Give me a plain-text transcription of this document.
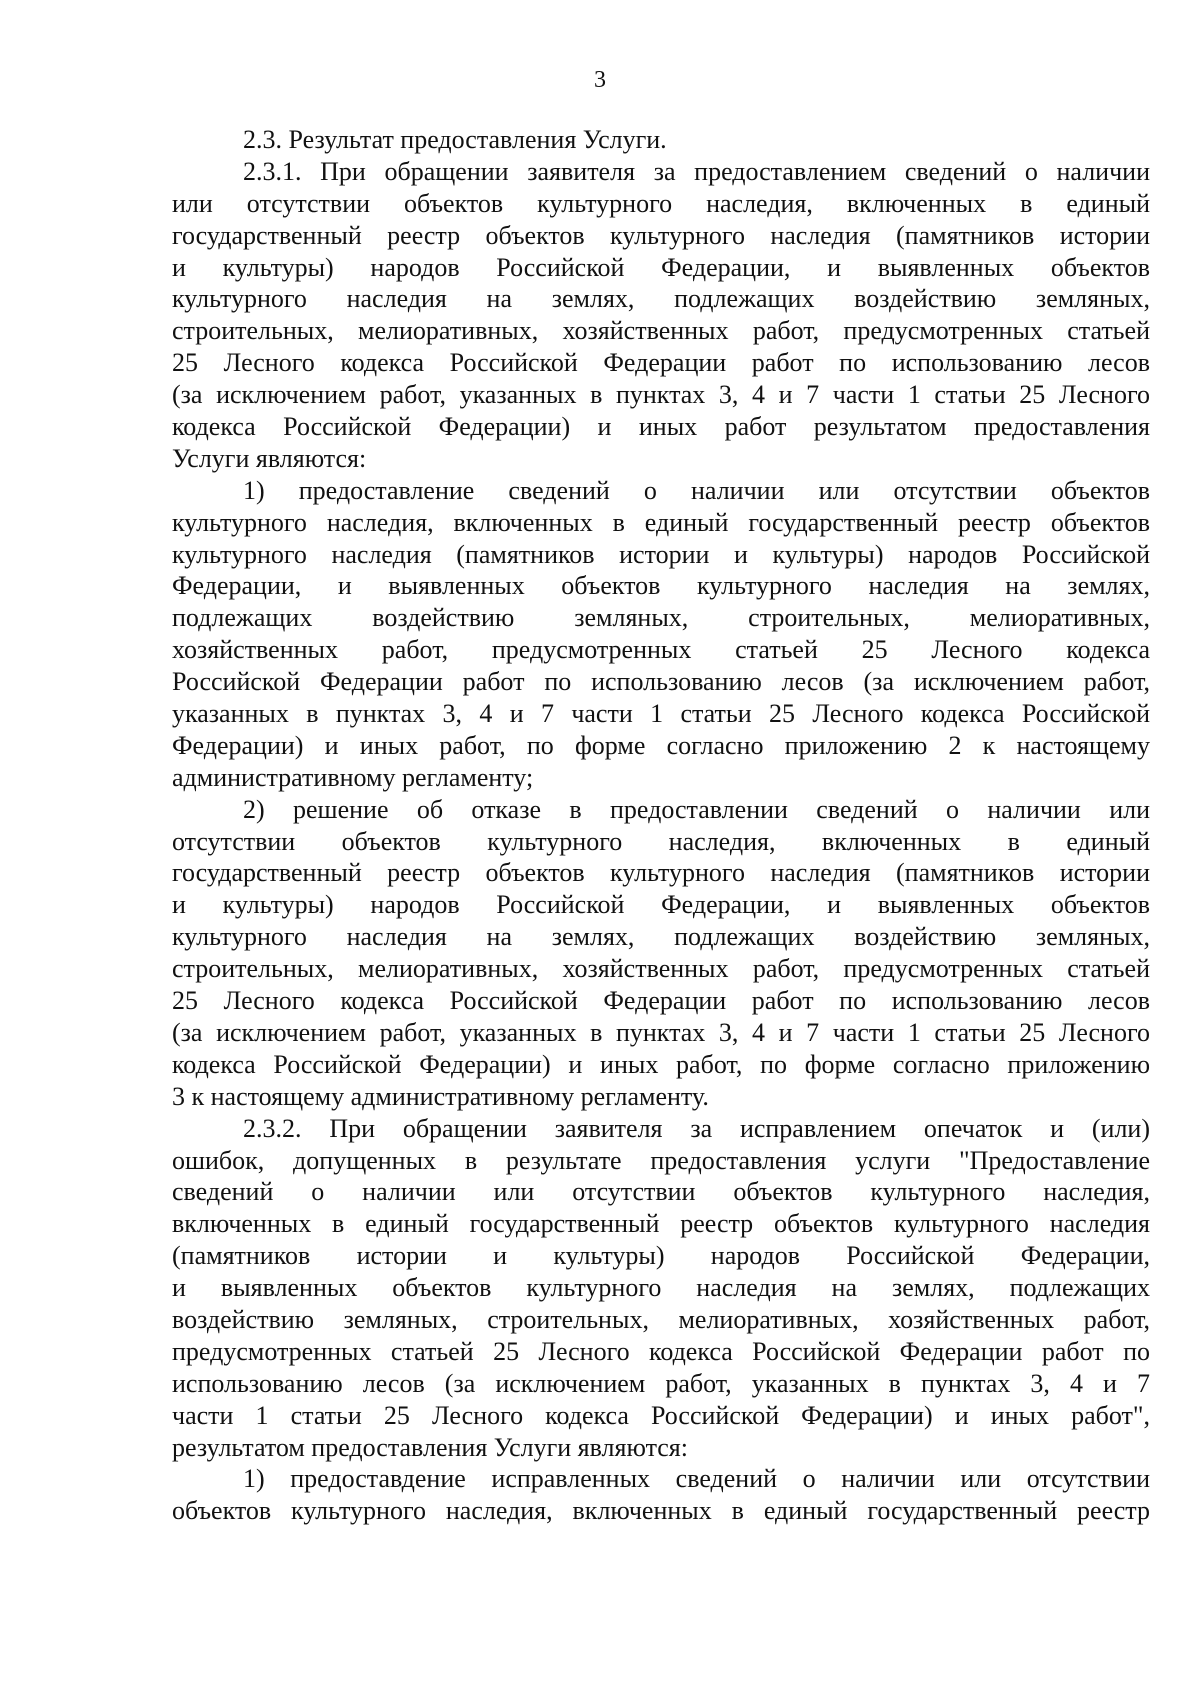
3
2.3. Результат предоставления Услуги.
2.3.1. При обращении заявителя за предоставлением сведений о наличии
или отсутствии объектов культурного наследия, включенных в единый
государственный реестр объектов культурного наследия (памятников истории
и культуры) народов Российской Федерации, и выявленных объектов
культурного наследия на землях, подлежащих воздействию земляных,
строительных, мелиоративных, хозяйственных работ, предусмотренных статьей
25 Лесного кодекса Российской Федерации работ по использованию лесов
(за исключением работ, указанных в пунктах 3, 4 и 7 части 1 статьи 25 Лесного
кодекса Российской Федерации) и иных работ результатом предоставления
Услуги являются:
1) предоставление сведений о наличии или отсутствии объектов
культурного наследия, включенных в единый государственный реестр объектов
культурного наследия (памятников истории и культуры) народов Российской
Федерации, и выявленных объектов культурного наследия на землях,
подлежащих воздействию земляных, строительных, мелиоративных,
хозяйственных работ, предусмотренных статьей 25 Лесного кодекса
Российской Федерации работ по использованию лесов (за исключением работ,
указанных в пунктах 3, 4 и 7 части 1 статьи 25 Лесного кодекса Российской
Федерации) и иных работ, по форме согласно приложению 2 к настоящему
административному регламенту;
2) решение об отказе в предоставлении сведений о наличии или
отсутствии объектов культурного наследия, включенных в единый
государственный реестр объектов культурного наследия (памятников истории
и культуры) народов Российской Федерации, и выявленных объектов
культурного наследия на землях, подлежащих воздействию земляных,
строительных, мелиоративных, хозяйственных работ, предусмотренных статьей
25 Лесного кодекса Российской Федерации работ по использованию лесов
(за исключением работ, указанных в пунктах 3, 4 и 7 части 1 статьи 25 Лесного
кодекса Российской Федерации) и иных работ, по форме согласно приложению
3 к настоящему административному регламенту.
2.3.2. При обращении заявителя за исправлением опечаток и (или)
ошибок, допущенных в результате предоставления услуги "Предоставление
сведений о наличии или отсутствии объектов культурного наследия,
включенных в единый государственный реестр объектов культурного наследия
(памятников истории и культуры) народов Российской Федерации,
и выявленных объектов культурного наследия на землях, подлежащих
воздействию земляных, строительных, мелиоративных, хозяйственных работ,
предусмотренных статьей 25 Лесного кодекса Российской Федерации работ по
использованию лесов (за исключением работ, указанных в пунктах 3, 4 и 7
части 1 статьи 25 Лесного кодекса Российской Федерации) и иных работ",
результатом предоставления Услуги являются:
1) предоставдение исправленных сведений о наличии или отсутствии
объектов культурного наследия, включенных в единый государственный реестр
